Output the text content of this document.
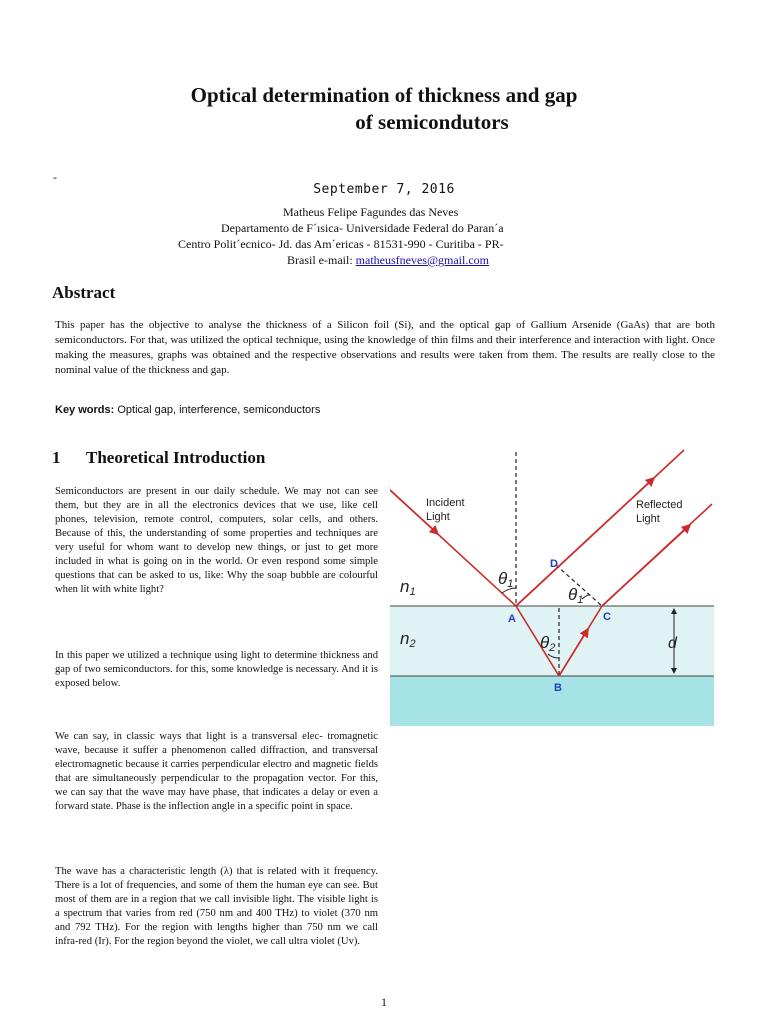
Optical determination of thickness and gap
of semicondutors
-
September 7, 2016
Matheus Felipe Fagundes das Neves
Departamento de F´ısica- Universidade Federal do Paran´a
Centro Polit´ecnico- Jd. das Am´ericas - 81531-990 - Curitiba - PR-
Brasil e-mail: matheusfneves@gmail.com
Abstract
This paper has the objective to analyse the thickness of a Silicon foil (Si), and the optical gap of Gallium Arsenide (GaAs) that are both semiconductors. For that, was utilized the optical technique, using the knowledge of thin films and their interference and interaction with light. Once making the measures, graphs was obtained and the respective observations and results were taken from them. The results are really close to the nominal value of the thickness and gap.
Key words: Optical gap, interference, semiconductors
1 Theoretical Introduction
Semiconductors are present in our daily schedule. We may not can see them, but they are in all the electronics devices that we use, like cell phones, television, remote control, computers, solar cells, and others. Because of this, the understanding of some properties and techniques are very useful for whom want to develop new things, or just to get more included in what is going on in the world. Or even respond some simple questions that can be asked to us, like: Why the soap bubble are colourful when lit with white light?
In this paper we utilized a technique using light to determine thickness and gap of two semiconductors. for this, some knowledge is necessary. And it is exposed below.
We can say, in classic ways that light is a transversal elec- tromagnetic wave, because it suffer a phenomenon called diffraction, and transversal electromagnetic because it carries perpendicular electro and magnetic fields that are simultaneously perpendicular to the propagation vector. For this, we can say that the wave may have phase, that indicates a delay or even a forward state. Phase is the inflection angle in a specific point in space.
The wave has a characteristic length (λ) that is related with it frequency. There is a lot of frequencies, and some of them the human eye can see. But most of them are in a region that we call invisible light. The visible light is a spectrum that varies from red (750 nm and 400 THz) to violet (370 nm and 792 THz). For the region with lengths higher than 750 nm we call infra-red (Ir). For the region beyond the violet, we call ultra violet (Uv).
Incident
Light
Reflected
Light
n1
n2
θ1
θ1
θ2
A
B
C
D
d
1
